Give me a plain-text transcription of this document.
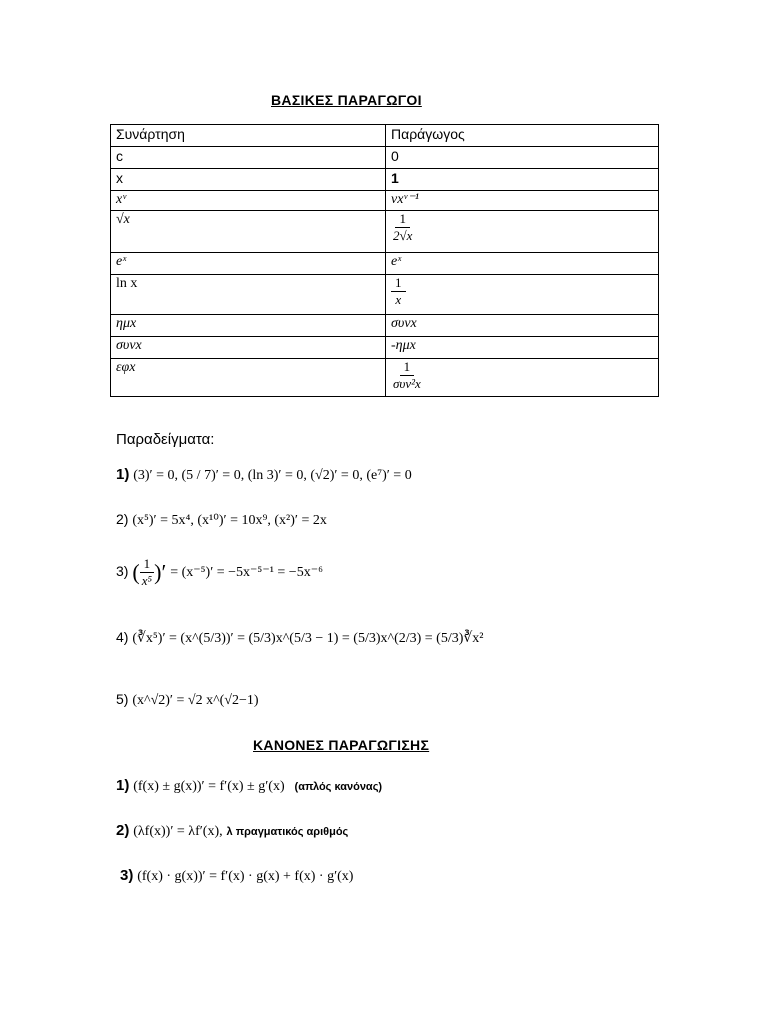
ΒΑΣΙΚΕΣ ΠΑΡΑΓΩΓΟΙ
Συνάρτηση	Παράγωγος
c	0
x	1
xᵛ	νxᵛ⁻¹
√x	$\frac{1}{2√x}$

eˣ	eˣ
ln x	$\frac{1}{x}$

ημx	συνx
συνx	-ημx
εφx	$\frac{1}{\text{συν²x}}$
Παραδείγματα:
1) (3)′ = 0, (5 / 7)′ = 0, (ln 3)′ = 0, (√2)′ = 0, (e⁷)′ = 0
2) (x⁵)′ = 5x⁴, (x¹⁰)′ = 10x⁹, (x²)′ = 2x
3) ( $\frac{1}{\text{x⁵}}$ )′ = (x⁻⁵)′ = −5x⁻⁵⁻¹ = −5x⁻⁶
4) (∛x⁵)′ = (x^(5/3))′ = (5/3)x^(5/3 − 1) = (5/3)x^(2/3) = (5/3)∛x²
5) (x^√2)′ = √2 x^(√2−1)
ΚΑΝΟΝΕΣ ΠΑΡΑΓΩΓΙΣΗΣ
1) (f(x) ± g(x))′ = f′(x) ± g′(x) (απλός κανόνας)
2) (λf(x))′ = λf′(x), λ πραγματικός αριθμός
3) (f(x) · g(x))′ = f′(x) · g(x) + f(x) · g′(x)
